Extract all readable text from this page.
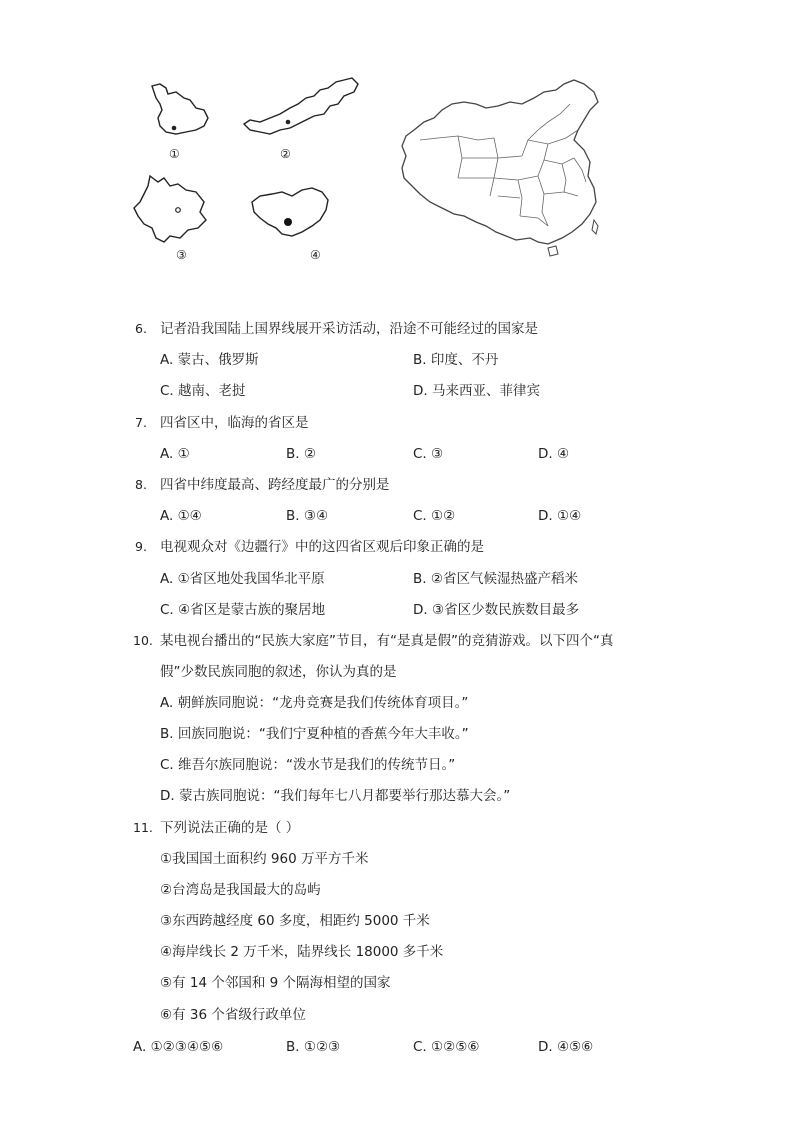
①	②
③	④
6. 记者沿我国陆上国界线展开采访活动，沿途不可能经过的国家是
A. 蒙古、俄罗斯	B. 印度、不丹
C. 越南、老挝	D. 马来西亚、菲律宾
7. 四省区中，临海的省区是
A. ①	B. ②	C. ③	D. ④
8. 四省中纬度最高、跨经度最广的分别是
A. ①④	B. ③④	C. ①②	D. ①④
9. 电视观众对《边疆行》中的这四省区观后印象正确的是
A. ①省区地处我国华北平原	B. ②省区气候湿热盛产稻米
C. ④省区是蒙古族的聚居地	D. ③省区少数民族数目最多
10. 某电视台播出的“民族大家庭”节目，有“是真是假”的竞猜游戏。以下四个“真
假”少数民族同胞的叙述，你认为真的是
A. 朝鲜族同胞说：“龙舟竞赛是我们传统体育项目。”
B. 回族同胞说：“我们宁夏种植的香蕉今年大丰收。”
C. 维吾尔族同胞说：“泼水节是我们的传统节日。”
D. 蒙古族同胞说：“我们每年七八月都要举行那达慕大会。”
11. 下列说法正确的是（ ）
①我国国土面积约 960 万平方千米
②台湾岛是我国最大的岛屿
③东西跨越经度 60 多度，相距约 5000 千米
④海岸线长 2 万千米，陆界线长 18000 多千米
⑤有 14 个邻国和 9 个隔海相望的国家
⑥有 36 个省级行政单位
A. ①②③④⑤⑥	B. ①②③	C. ①②⑤⑥	D. ④⑤⑥
